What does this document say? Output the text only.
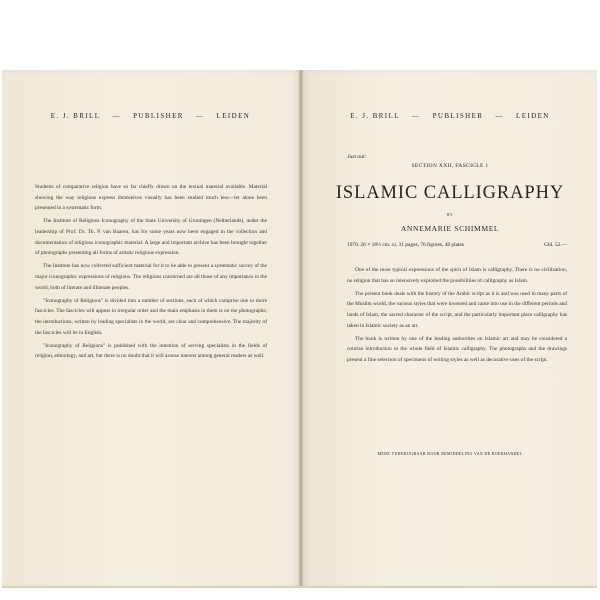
E. J. BRILL — PUBLISHER — LEIDEN

Students of comparative religion have so far chiefly drawn on the textual material available. Material showing the way religions express themselves visually has been studied much less—let alone been presented in a systematic form.

The Institute of Religious Iconography of the State University of Groningen (Netherlands), under the leadership of Prof. Dr. Th. P. van Baaren, has for some years now been engaged in the collection and documentation of religious iconographic material. A large and important archive has been brought together of photographs presenting all forms of artistic religious expression.

The Institute has now collected sufficient material for it to be able to present a systematic survey of the major iconographic expressions of religions. The religions concerned are all those of any importance in the world, both of literate and illiterate peoples.

"Iconography of Religions" is divided into a number of sections, each of which comprise one or more fascicles. The fascicles will appear in irregular order and the main emphasis in them is on the photographs; the introductions, written by leading specialists in the world, are clear and comprehensive. The majority of the fascicles will be in English.

"Iconography of Religions" is published with the intention of serving specialists in the fields of religion, ethnology, and art, but there is no doubt that it will arouse interest among general readers as well.

E. J. BRILL — PUBLISHER — LEIDEN
Just out:
SECTION XXII, FASCICLE 1
ISLAMIC CALLIGRAPHY
BY
ANNEMARIE SCHIMMEL
1970. 26 × 18½ cm. xi, 31 pages, 76 figures, 48 plates	Gld. 52.—

One of the most typical expressions of the spirit of Islam is calligraphy. There is no civilization, no religion that has so intensively exploited the possibilities of calligraphy as Islam.

The present book deals with the history of the Arabic script as it is and was used in many parts of the Muslim world, the various styles that were invented and came into use in the different periods and lands of Islam, the sacred character of the script, and the particularly important place calligraphy has taken in Islamic society as an art.

The book is written by one of the leading authorities on Islamic art and may be considered a concise introduction to the whole field of Islamic calligraphy. The photographs and the drawings present a fine selection of specimens of writing styles as well as decorative uses of the script.

MEDE VERKRIJGBAAR DOOR BEMIDDELING VAN DE BOEKHANDEL
